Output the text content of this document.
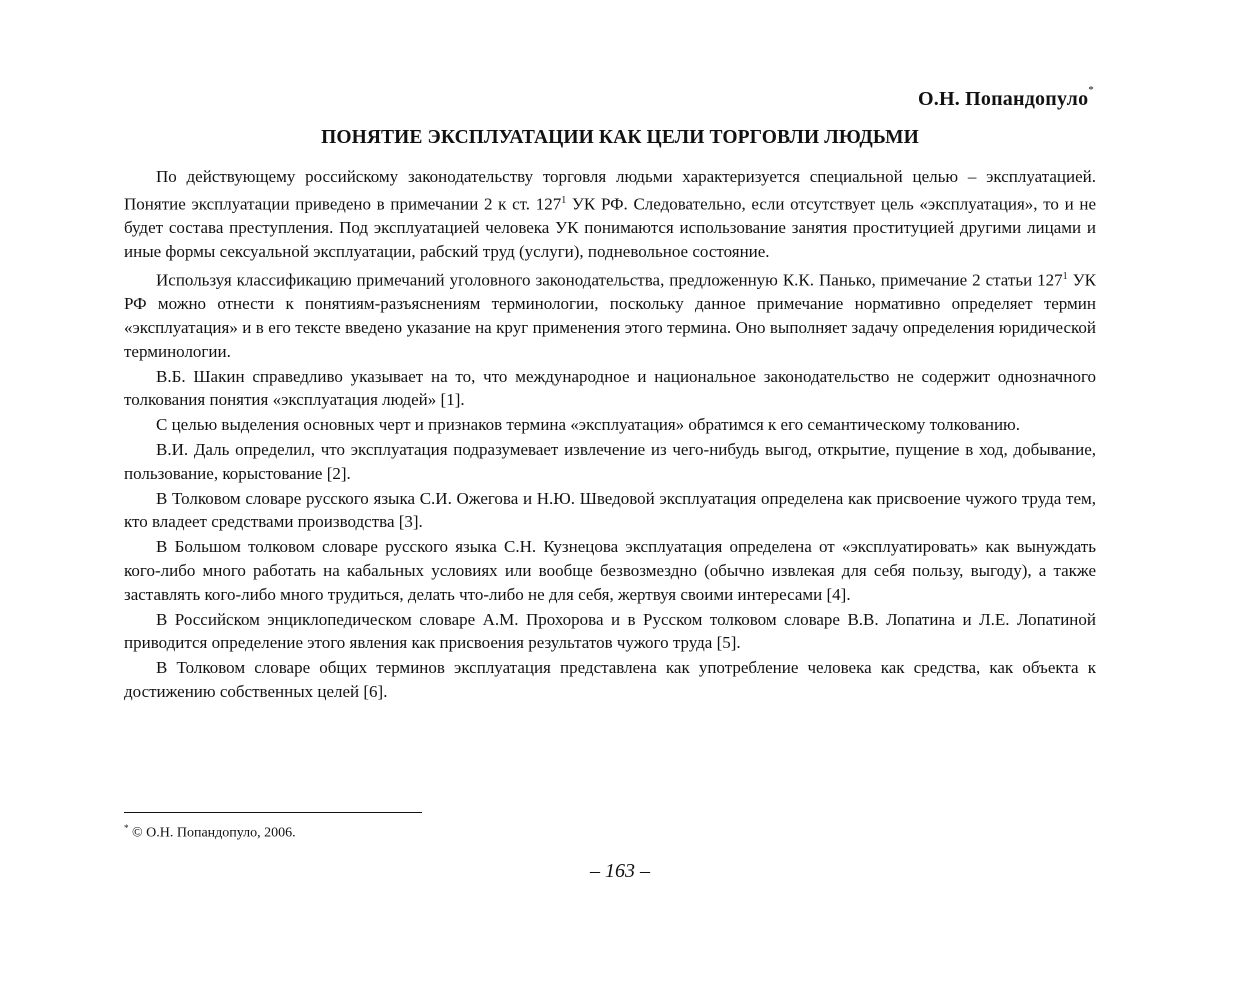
О.Н. Попандопуло*
ПОНЯТИЕ ЭКСПЛУАТАЦИИ КАК ЦЕЛИ ТОРГОВЛИ ЛЮДЬМИ

По действующему российскому законодательству торговля людьми характеризуется специальной целью – эксплуатацией. Понятие эксплуатации приведено в примечании 2 к ст. $127^1$ УК РФ. Следовательно, если отсутствует цель «эксплуатация», то и не будет состава преступления. Под эксплуатацией человека УК понимаются использование занятия проституцией другими лицами и иные формы сексуальной эксплуатации, рабский труд (услуги), подневольное состояние.

Используя классификацию примечаний уголовного законодательства, предложенную К.К. Панько, примечание 2 статьи $127^1$ УК РФ можно отнести к понятиям-разъяснениям терминологии, поскольку данное примечание нормативно определяет термин «эксплуатация» и в его тексте введено указание на круг применения этого термина. Оно выполняет задачу определения юридической терминологии.

В.Б. Шакин справедливо указывает на то, что международное и национальное законодательство не содержит однозначного толкования понятия «эксплуатация людей» [1].

С целью выделения основных черт и признаков термина «эксплуатация» обратимся к его семантическому толкованию.

В.И. Даль определил, что эксплуатация подразумевает извлечение из чего-нибудь выгод, открытие, пущение в ход, добывание, пользование, корыстование [2].

В Толковом словаре русского языка С.И. Ожегова и Н.Ю. Шведовой эксплуатация определена как присвоение чужого труда тем, кто владеет средствами производства [3].

В Большом толковом словаре русского языка С.Н. Кузнецова эксплуатация определена от «эксплуатировать» как вынуждать кого-либо много работать на кабальных условиях или вообще безвозмездно (обычно извлекая для себя пользу, выгоду), а также заставлять кого-либо много трудиться, делать что-либо не для себя, жертвуя своими интересами [4].

В Российском энциклопедическом словаре А.М. Прохорова и в Русском толковом словаре В.В. Лопатина и Л.Е. Лопатиной приводится определение этого явления как присвоения результатов чужого труда [5].

В Толковом словаре общих терминов эксплуатация представлена как употребление человека как средства, как объекта к достижению собственных целей [6].

* © О.Н. Попандопуло, 2006.
– 163 –
